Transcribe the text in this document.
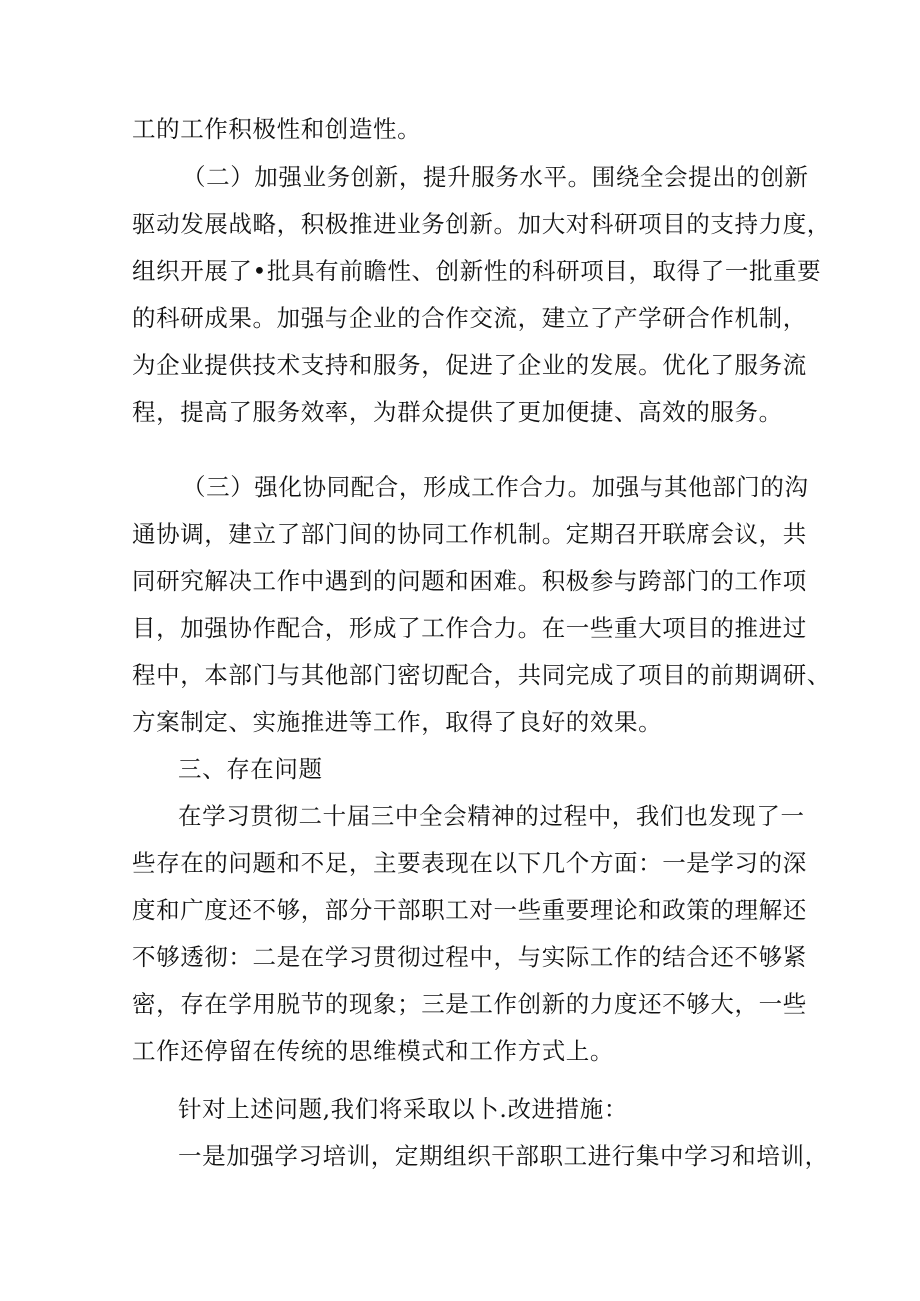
工的工作积极性和创造性。
（二）加强业务创新，提升服务水平。围绕全会提出的创新
驱动发展战略，积极推进业务创新。加大对科研项目的支持力度，
组织开展了•批具有前瞻性、创新性的科研项目，取得了一批重要
的科研成果。加强与企业的合作交流，建立了产学研合作机制，
为企业提供技术支持和服务，促进了企业的发展。优化了服务流
程，提高了服务效率，为群众提供了更加便捷、高效的服务。
（三）强化协同配合，形成工作合力。加强与其他部门的沟
通协调，建立了部门间的协同工作机制。定期召开联席会议，共
同研究解决工作中遇到的问题和困难。积极参与跨部门的工作项
目，加强协作配合，形成了工作合力。在一些重大项目的推进过
程中，本部门与其他部门密切配合，共同完成了项目的前期调研、
方案制定、实施推进等工作，取得了良好的效果。
三、存在问题
在学习贯彻二十届三中全会精神的过程中，我们也发现了一
些存在的问题和不足，主要表现在以下几个方面：一是学习的深
度和广度还不够，部分干部职工对一些重要理论和政策的理解还
不够透彻：二是在学习贯彻过程中，与实际工作的结合还不够紧
密，存在学用脱节的现象；三是工作创新的力度还不够大，一些
工作还停留在传统的思维模式和工作方式上。
针对上述问题,我们将采取以卜.改进措施：
一是加强学习培训，定期组织干部职工进行集中学习和培训，
